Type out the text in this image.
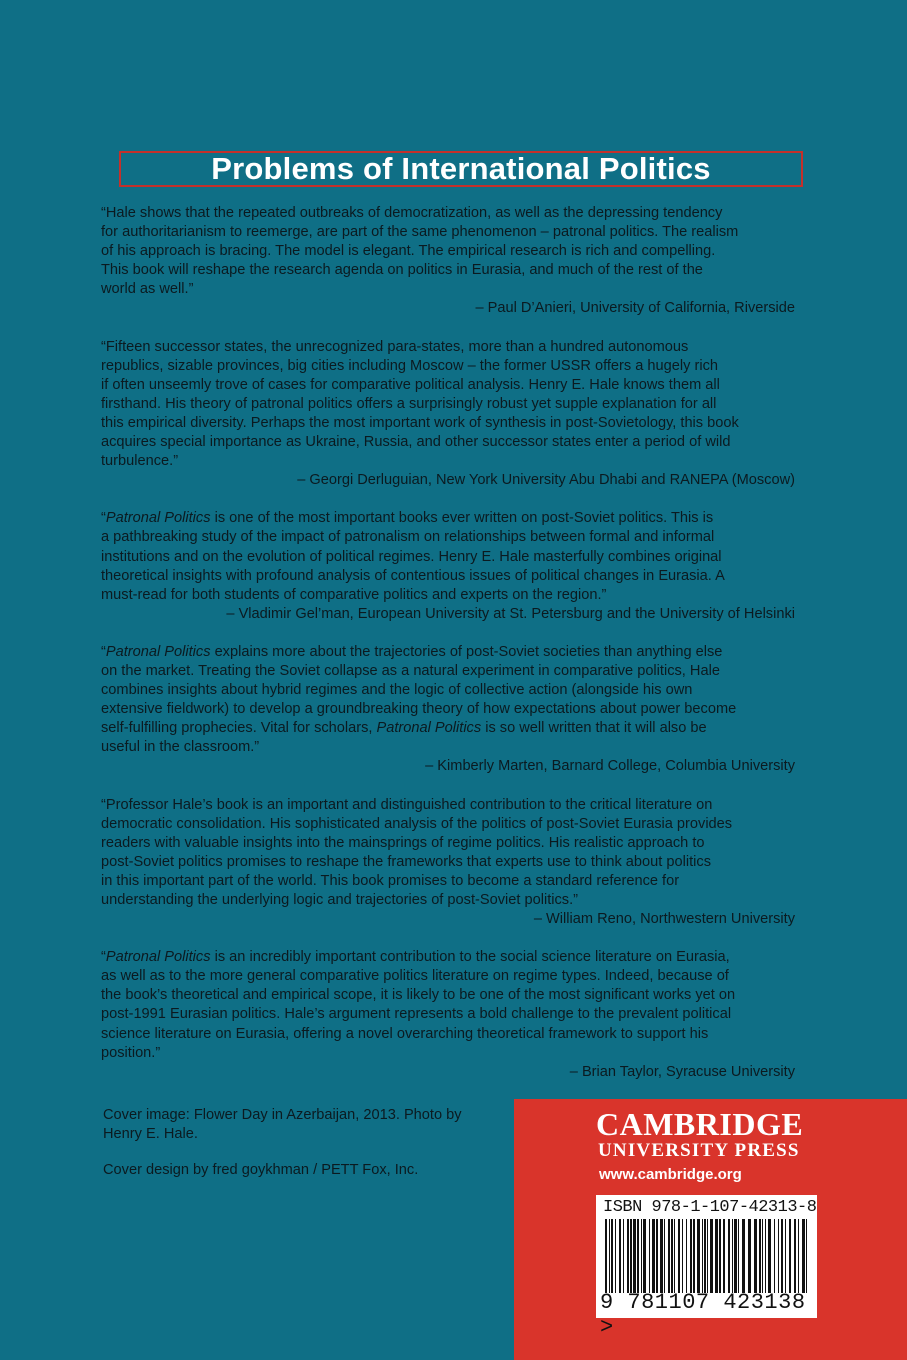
Problems of International Politics

“Hale shows that the repeated outbreaks of democratization, as well as the depressing tendency

for authoritarianism to reemerge, are part of the same phenomenon – patronal politics. The realism

of his approach is bracing. The model is elegant. The empirical research is rich and compelling.

This book will reshape the research agenda on politics in Eurasia, and much of the rest of the

world as well.”

– Paul D’Anieri, University of California, Riverside

“Fifteen successor states, the unrecognized para-states, more than a hundred autonomous

republics, sizable provinces, big cities including Moscow – the former USSR offers a hugely rich

if often unseemly trove of cases for comparative political analysis. Henry E. Hale knows them all

firsthand. His theory of patronal politics offers a surprisingly robust yet supple explanation for all

this empirical diversity. Perhaps the most important work of synthesis in post-Sovietology, this book

acquires special importance as Ukraine, Russia, and other successor states enter a period of wild

turbulence.”

– Georgi Derluguian, New York University Abu Dhabi and RANEPA (Moscow)

“Patronal Politics is one of the most important books ever written on post-Soviet politics. This is

a pathbreaking study of the impact of patronalism on relationships between formal and informal

institutions and on the evolution of political regimes. Henry E. Hale masterfully combines original

theoretical insights with profound analysis of contentious issues of political changes in Eurasia. A

must-read for both students of comparative politics and experts on the region.”

– Vladimir Gel’man, European University at St. Petersburg and the University of Helsinki

“Patronal Politics explains more about the trajectories of post-Soviet societies than anything else

on the market. Treating the Soviet collapse as a natural experiment in comparative politics, Hale

combines insights about hybrid regimes and the logic of collective action (alongside his own

extensive fieldwork) to develop a groundbreaking theory of how expectations about power become

self-fulfilling prophecies. Vital for scholars, Patronal Politics is so well written that it will also be

useful in the classroom.”

– Kimberly Marten, Barnard College, Columbia University

“Professor Hale’s book is an important and distinguished contribution to the critical literature on

democratic consolidation. His sophisticated analysis of the politics of post-Soviet Eurasia provides

readers with valuable insights into the mainsprings of regime politics. His realistic approach to

post-Soviet politics promises to reshape the frameworks that experts use to think about politics

in this important part of the world. This book promises to become a standard reference for

understanding the underlying logic and trajectories of post-Soviet politics.”

– William Reno, Northwestern University

“Patronal Politics is an incredibly important contribution to the social science literature on Eurasia,

as well as to the more general comparative politics literature on regime types. Indeed, because of

the book’s theoretical and empirical scope, it is likely to be one of the most significant works yet on

post-1991 Eurasian politics. Hale’s argument represents a bold challenge to the prevalent political

science literature on Eurasia, offering a novel overarching theoretical framework to support his

position.”

– Brian Taylor, Syracuse University

Cover image: Flower Day in Azerbaijan, 2013. Photo by Henry E. Hale.

Cover design by fred goykhman / PETT Fox, Inc.

CAMBRIDGE
UNIVERSITY PRESS
www.cambridge.org
ISBN 978-1-107-42313-8
9 781107 423138 >
